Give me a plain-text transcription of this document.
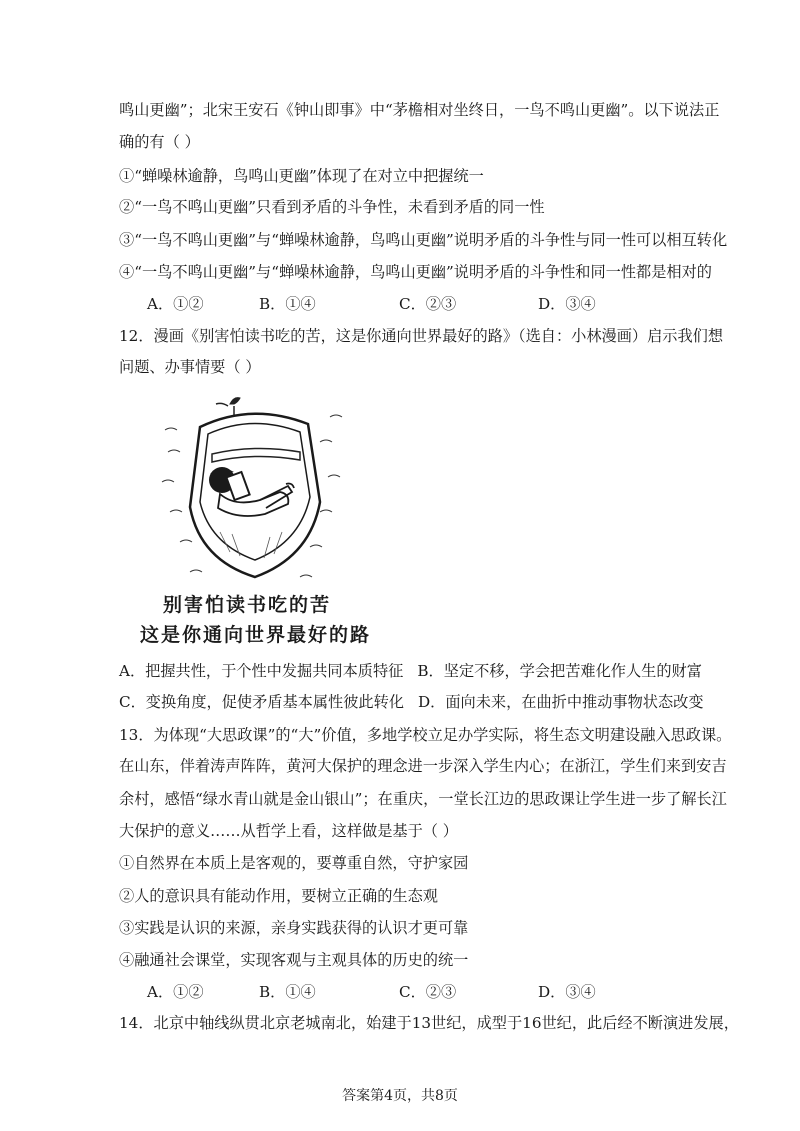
鸣山更幽”；北宋王安石《钟山即事》中“茅檐相对坐终日，一鸟不鸣山更幽”。以下说法正
确的有（ ）
①“蝉噪林逾静，鸟鸣山更幽”体现了在对立中把握统一
②“一鸟不鸣山更幽”只看到矛盾的斗争性，未看到矛盾的同一性
③“一鸟不鸣山更幽”与“蝉噪林逾静，鸟鸣山更幽”说明矛盾的斗争性与同一性可以相互转化
④“一鸟不鸣山更幽”与“蝉噪林逾静，鸟鸣山更幽”说明矛盾的斗争性和同一性都是相对的
A．①②	B．①④	C．②③	D．③④
12．漫画《别害怕读书吃的苦，这是你通向世界最好的路》（选自：小林漫画）启示我们想
问题、办事情要（ ）
别害怕读书吃的苦
这是你通向世界最好的路
A．把握共性，于个性中发掘共同本质特征 B．坚定不移，学会把苦难化作人生的财富
C．变换角度，促使矛盾基本属性彼此转化 D．面向未来，在曲折中推动事物状态改变
13．为体现“大思政课”的“大”价值，多地学校立足办学实际，将生态文明建设融入思政课。
在山东，伴着涛声阵阵，黄河大保护的理念进一步深入学生内心；在浙江，学生们来到安吉
余村，感悟“绿水青山就是金山银山”；在重庆，一堂长江边的思政课让学生进一步了解长江
大保护的意义……从哲学上看，这样做是基于（ ）
①自然界在本质上是客观的，要尊重自然，守护家园
②人的意识具有能动作用，要树立正确的生态观
③实践是认识的来源，亲身实践获得的认识才更可靠
④融通社会课堂，实现客观与主观具体的历史的统一
A．①②	B．①④	C．②③	D．③④
14．北京中轴线纵贯北京老城南北，始建于13世纪，成型于16世纪，此后经不断演进发展，
答案第4页，共8页
